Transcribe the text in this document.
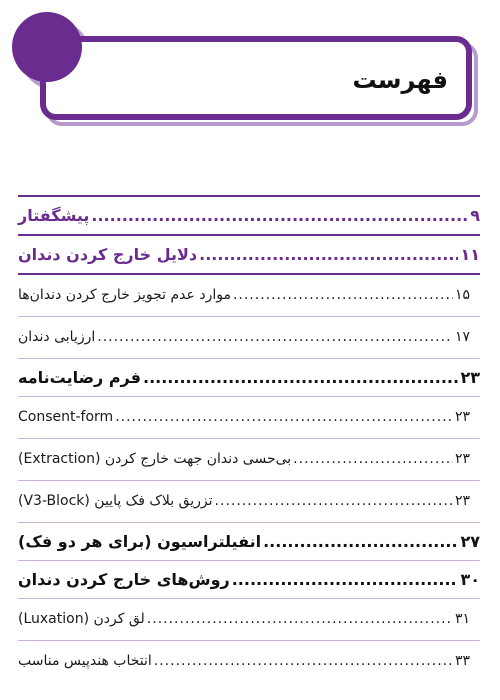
فهرست
پیشگفتار .....	۹
دلایل خارج کردن دندان .....	۱۱
موارد عدم تجویز خارج کردن دندان‌ها .....	۱۵
ارزیابی دندان .....	۱۷
فرم رضایت‌نامه .....	۲۳
Consent-form .....	۲۳
بی‌حسی دندان جهت خارج کردن (Extraction) .....	۲۳
تزریق بلاک فک پایین (V3-Block) .....	۲۳
انفیلتراسیون (برای هر دو فک) .....	۲۷
روش‌های خارج کردن دندان .....	۳۰
لق کردن (Luxation) .....	۳۱
انتخاب هندپیس مناسب .....	۳۳
